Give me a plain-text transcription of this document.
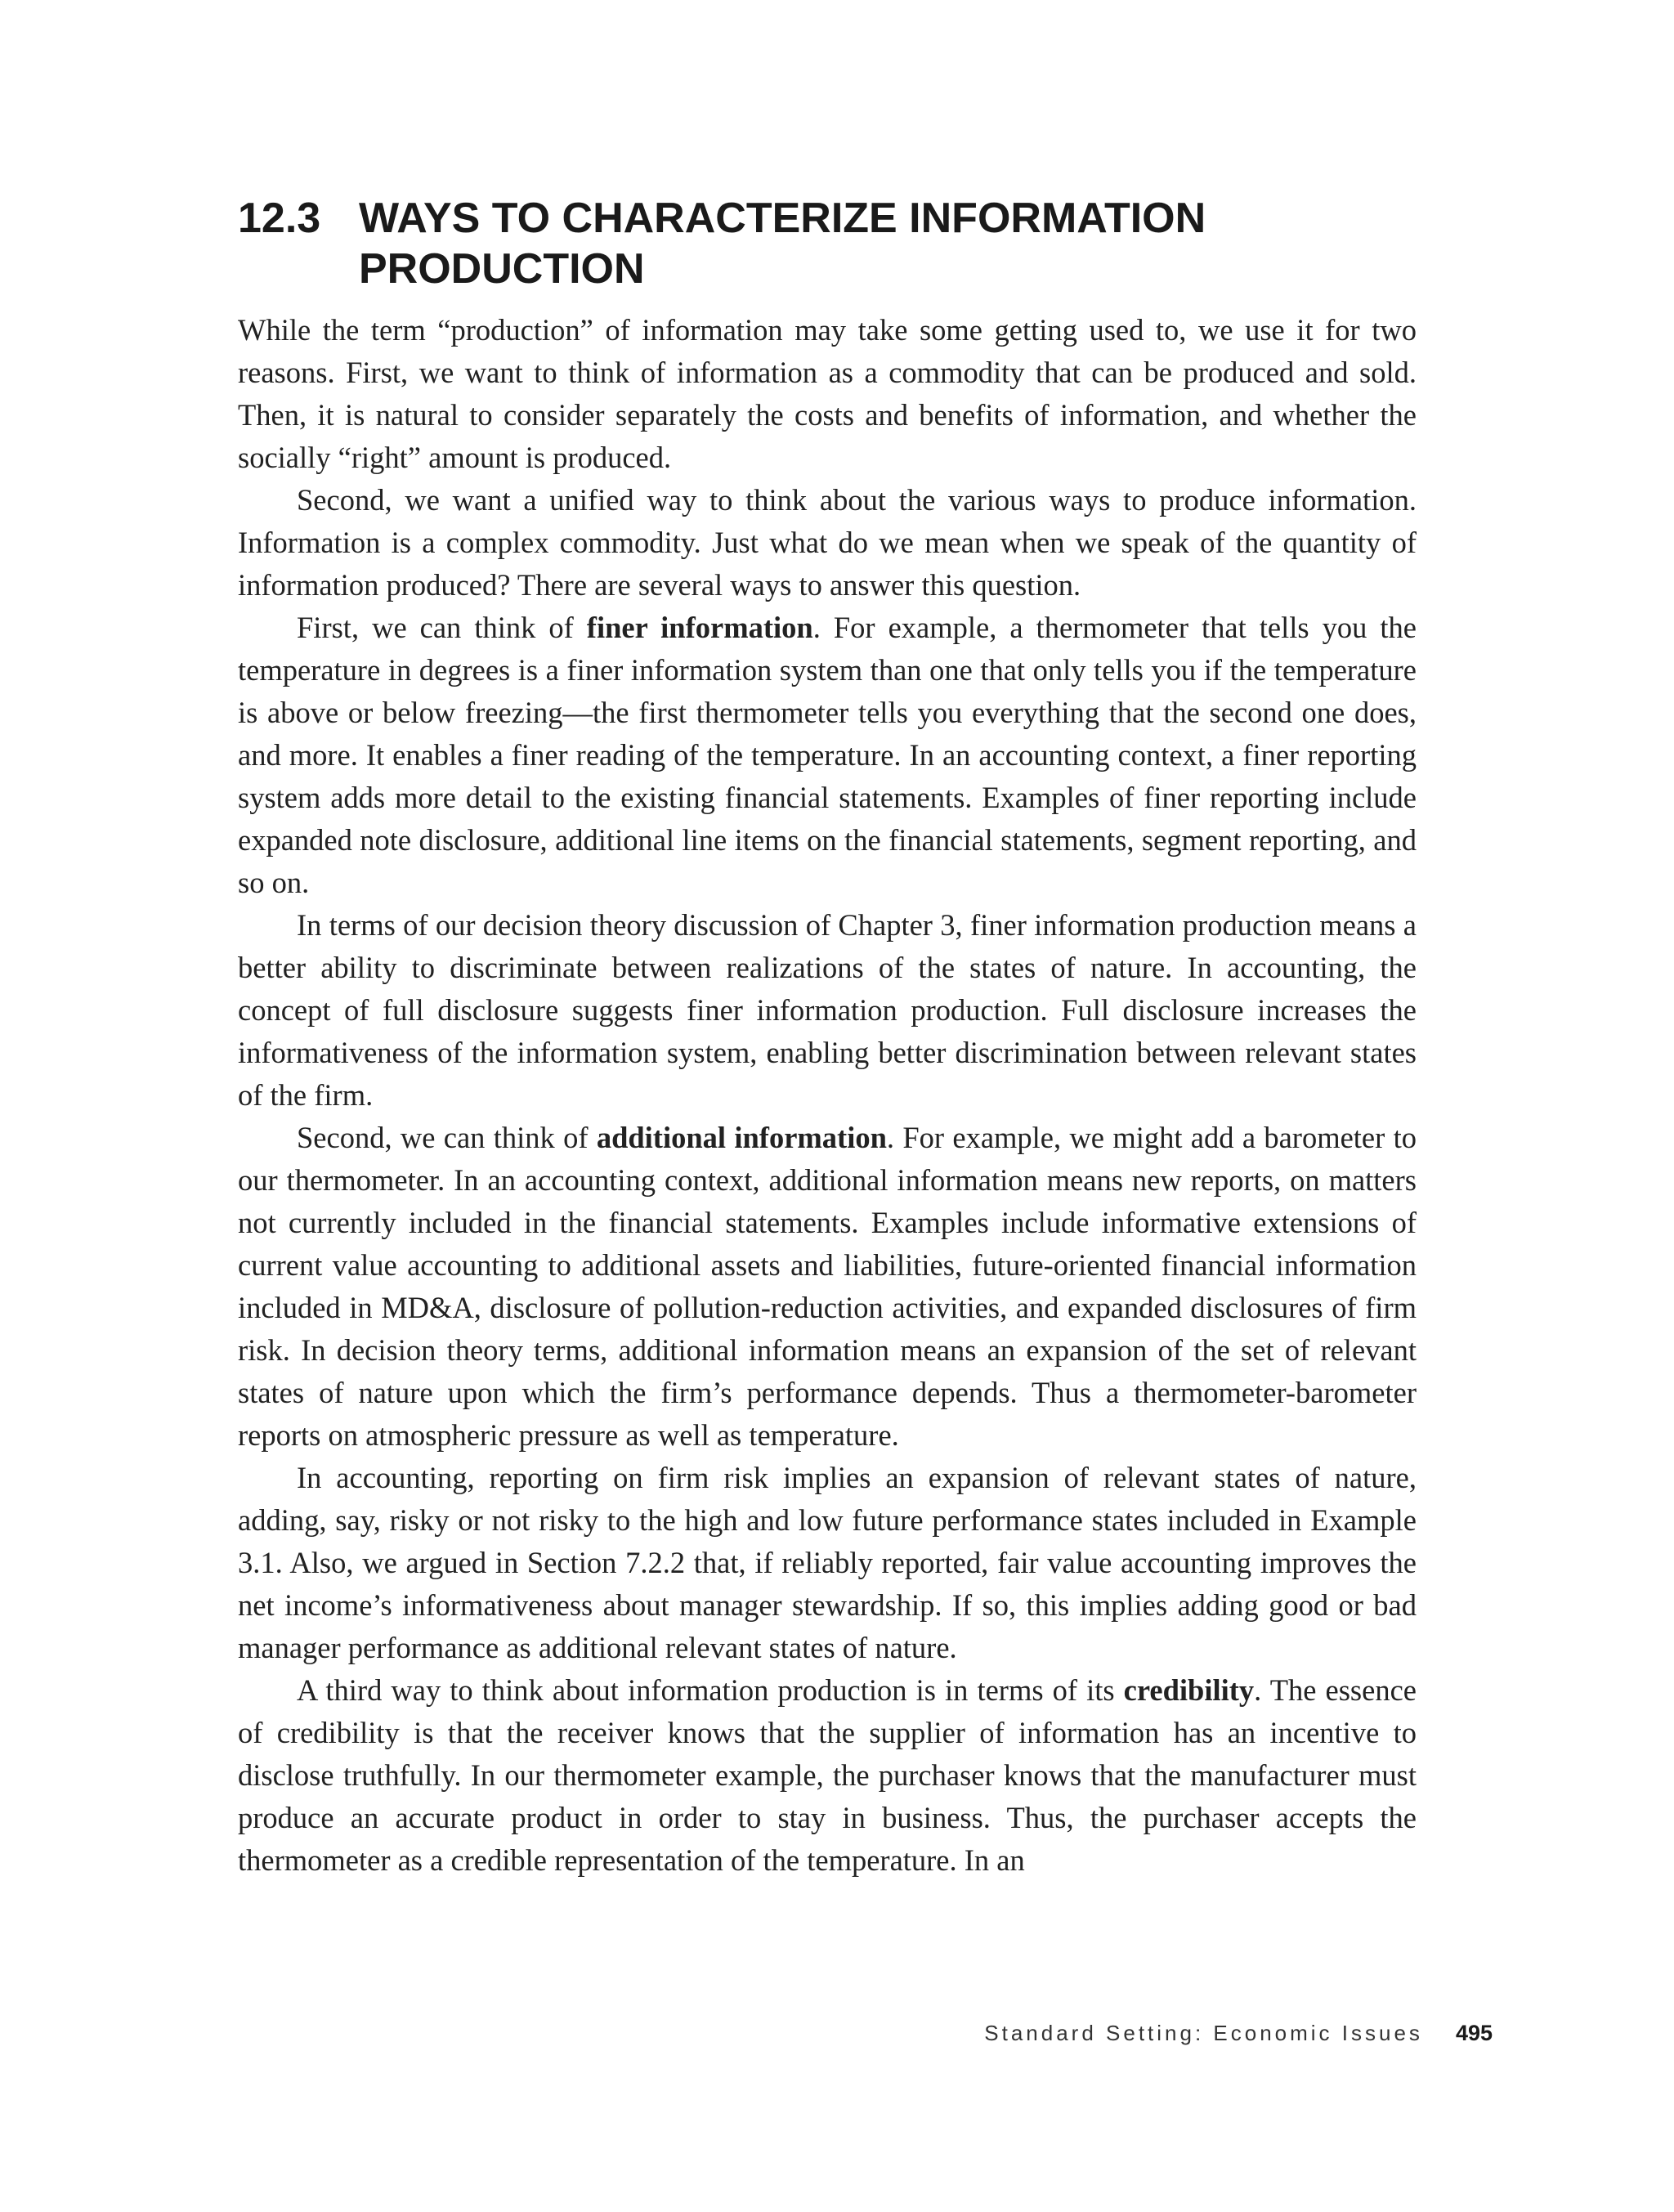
12.3 WAYS TO CHARACTERIZE INFORMATION PRODUCTION

While the term “production” of information may take some getting used to, we use it for two reasons. First, we want to think of information as a commodity that can be produced and sold. Then, it is natural to consider separately the costs and benefits of information, and whether the socially “right” amount is produced.

Second, we want a unified way to think about the various ways to produce information. Information is a complex commodity. Just what do we mean when we speak of the quantity of information produced? There are several ways to answer this question.

First, we can think of finer information. For example, a thermometer that tells you the temperature in degrees is a finer information system than one that only tells you if the temperature is above or below freezing—the first thermometer tells you everything that the second one does, and more. It enables a finer reading of the temperature. In an accounting context, a finer reporting system adds more detail to the existing financial statements. Examples of finer reporting include expanded note disclosure, additional line items on the financial statements, segment reporting, and so on.

In terms of our decision theory discussion of Chapter 3, finer information production means a better ability to discriminate between realizations of the states of nature. In accounting, the concept of full disclosure suggests finer information production. Full disclosure increases the informativeness of the information system, enabling better discrimination between relevant states of the firm.

Second, we can think of additional information. For example, we might add a barometer to our thermometer. In an accounting context, additional information means new reports, on matters not currently included in the financial statements. Examples include informative extensions of current value accounting to additional assets and liabilities, future-oriented financial information included in MD&A, disclosure of pollution-reduction activities, and expanded disclosures of firm risk. In decision theory terms, additional information means an expansion of the set of relevant states of nature upon which the firm’s performance depends. Thus a thermometer-barometer reports on atmospheric pressure as well as temperature.

In accounting, reporting on firm risk implies an expansion of relevant states of nature, adding, say, risky or not risky to the high and low future performance states included in Example 3.1. Also, we argued in Section 7.2.2 that, if reliably reported, fair value accounting improves the net income’s informativeness about manager stewardship. If so, this implies adding good or bad manager performance as additional relevant states of nature.

A third way to think about information production is in terms of its credibility. The essence of credibility is that the receiver knows that the supplier of information has an incentive to disclose truthfully. In our thermometer example, the purchaser knows that the manufacturer must produce an accurate product in order to stay in business. Thus, the purchaser accepts the thermometer as a credible representation of the temperature. In an

Standard Setting: Economic Issues 495
